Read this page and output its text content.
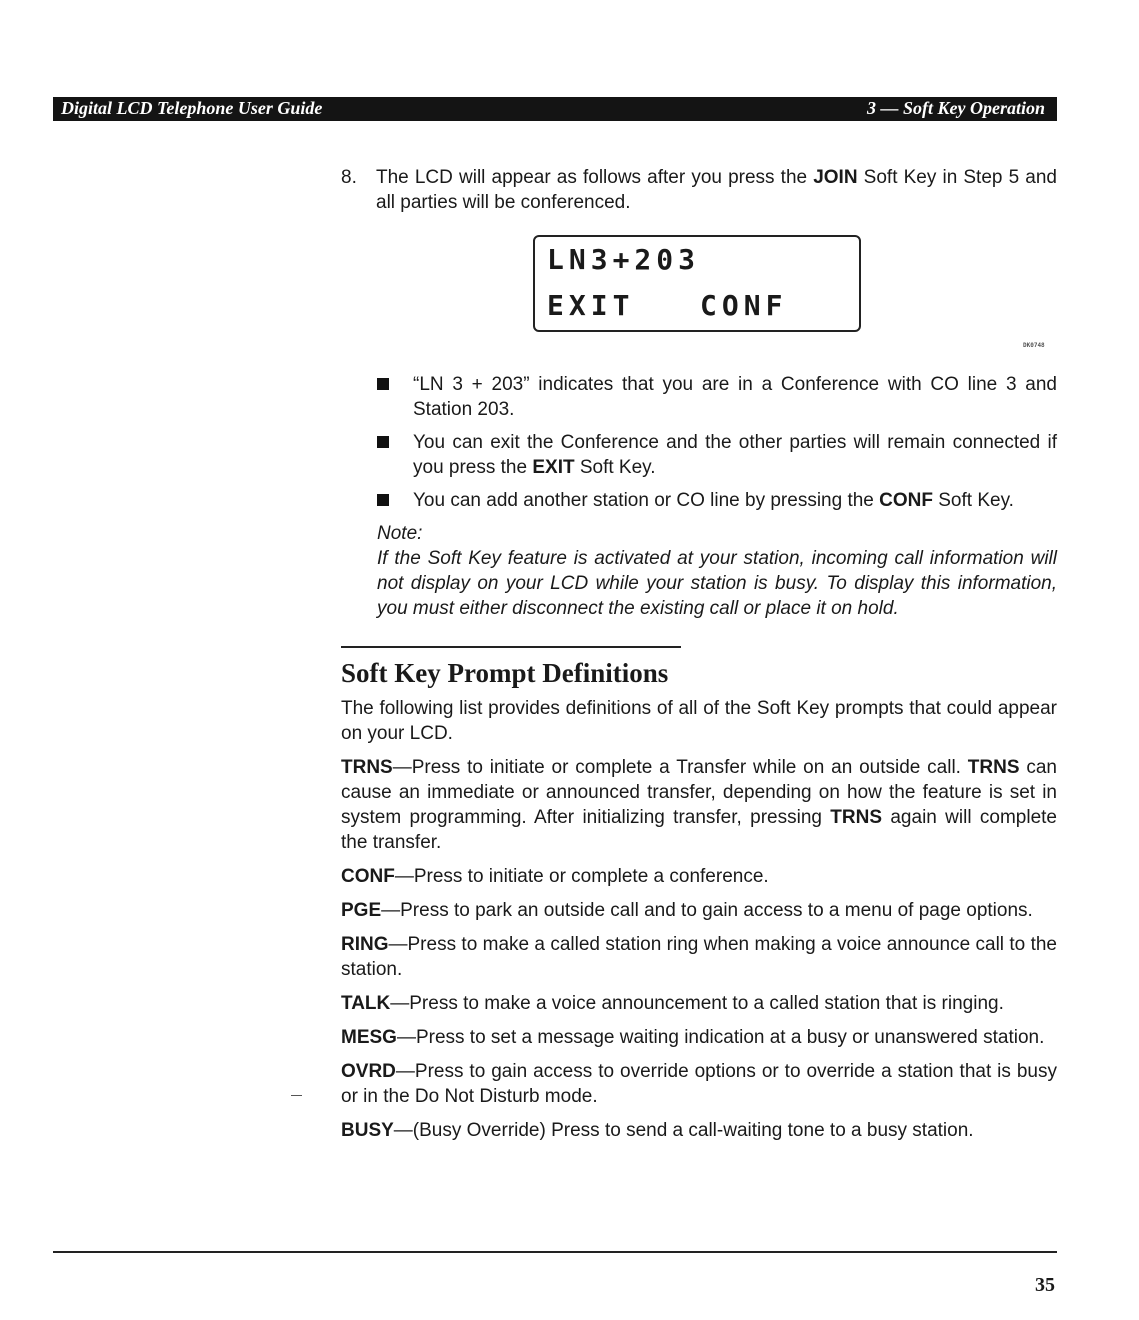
Digital LCD Telephone User Guide	3 — Soft Key Operation

8. The LCD will appear as follows after you press the JOIN Soft Key in Step 5 and all parties will be conferenced.

LN3+203
EXIT   CONF
DK0748

“LN 3 + 203” indicates that you are in a Conference with CO line 3 and Station 203.

You can exit the Conference and the other parties will remain connected if you press the EXIT Soft Key.

You can add another station or CO line by pressing the CONF Soft Key.

Note:

If the Soft Key feature is activated at your station, incoming call information will not display on your LCD while your station is busy. To display this information, you must either disconnect the existing call or place it on hold.

Soft Key Prompt Definitions

The following list provides definitions of all of the Soft Key prompts that could appear on your LCD.

TRNS—Press to initiate or complete a Transfer while on an outside call. TRNS can cause an immediate or announced transfer, depending on how the feature is set in system programming. After initializing transfer, pressing TRNS again will complete the transfer.

CONF—Press to initiate or complete a conference.

PGE—Press to park an outside call and to gain access to a menu of page options.

RING—Press to make a called station ring when making a voice announce call to the station.

TALK—Press to make a voice announcement to a called station that is ringing.

MESG—Press to set a message waiting indication at a busy or unanswered station.

OVRD—Press to gain access to override options or to override a station that is busy or in the Do Not Disturb mode.

BUSY—(Busy Override) Press to send a call-waiting tone to a busy station.

35
